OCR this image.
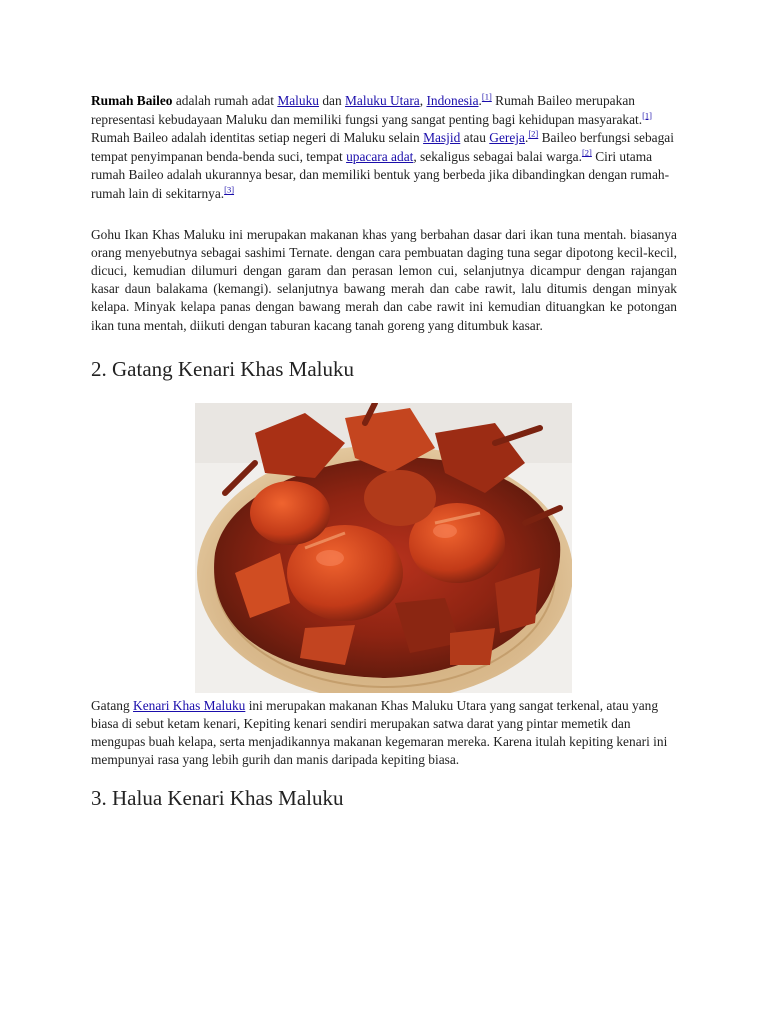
Rumah Baileo adalah rumah adat Maluku dan Maluku Utara, Indonesia.[1] Rumah Baileo merupakan representasi kebudayaan Maluku dan memiliki fungsi yang sangat penting bagi kehidupan masyarakat.[1] Rumah Baileo adalah identitas setiap negeri di Maluku selain Masjid atau Gereja.[2] Baileo berfungsi sebagai tempat penyimpanan benda-benda suci, tempat upacara adat, sekaligus sebagai balai warga.[2] Ciri utama rumah Baileo adalah ukurannya besar, dan memiliki bentuk yang berbeda jika dibandingkan dengan rumah-rumah lain di sekitarnya.[3]

Gohu Ikan Khas Maluku ini merupakan makanan khas yang berbahan dasar dari ikan tuna mentah. biasanya orang menyebutnya sebagai sashimi Ternate. dengan cara pembuatan daging tuna segar dipotong kecil-kecil, dicuci, kemudian dilumuri dengan garam dan perasan lemon cui, selanjutnya dicampur dengan rajangan kasar daun balakama (kemangi). selanjutnya bawang merah dan cabe rawit, lalu ditumis dengan minyak kelapa. Minyak kelapa panas dengan bawang merah dan cabe rawit ini kemudian dituangkan ke potongan ikan tuna mentah, diikuti dengan taburan kacang tanah goreng yang ditumbuk kasar.

2. Gatang Kenari Khas Maluku

Gatang Kenari Khas Maluku ini merupakan makanan Khas Maluku Utara yang sangat terkenal, atau yang biasa di sebut ketam kenari, Kepiting kenari sendiri merupakan satwa darat yang pintar memetik dan mengupas buah kelapa, serta menjadikannya makanan kegemaran mereka. Karena itulah kepiting kenari ini mempunyai rasa yang lebih gurih dan manis daripada kepiting biasa.

3. Halua Kenari Khas Maluku
